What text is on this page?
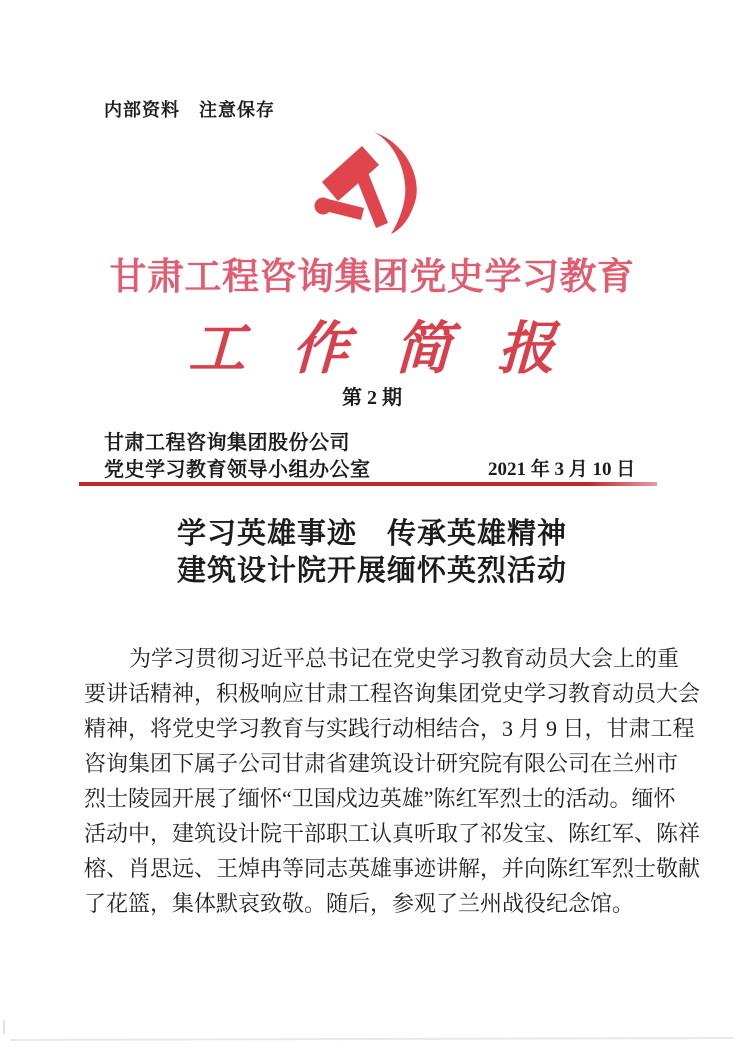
内部资料　注意保存
甘肃工程咨询集团党史学习教育
工作简报
第 2 期
甘肃工程咨询集团股份公司
党史学习教育领导小组办公室	2021 年 3 月 10 日
学习英雄事迹　传承英雄精神
建筑设计院开展缅怀英烈活动

为学习贯彻习近平总书记在党史学习教育动员大会上的重

要讲话精神，积极响应甘肃工程咨询集团党史学习教育动员大会

精神，将党史学习教育与实践行动相结合，3 月 9 日，甘肃工程

咨询集团下属子公司甘肃省建筑设计研究院有限公司在兰州市

烈士陵园开展了缅怀“卫国戍边英雄”陈红军烈士的活动。缅怀

活动中，建筑设计院干部职工认真听取了祁发宝、陈红军、陈祥

榕、肖思远、王焯冉等同志英雄事迹讲解，并向陈红军烈士敬献

了花篮，集体默哀致敬。随后，参观了兰州战役纪念馆。
